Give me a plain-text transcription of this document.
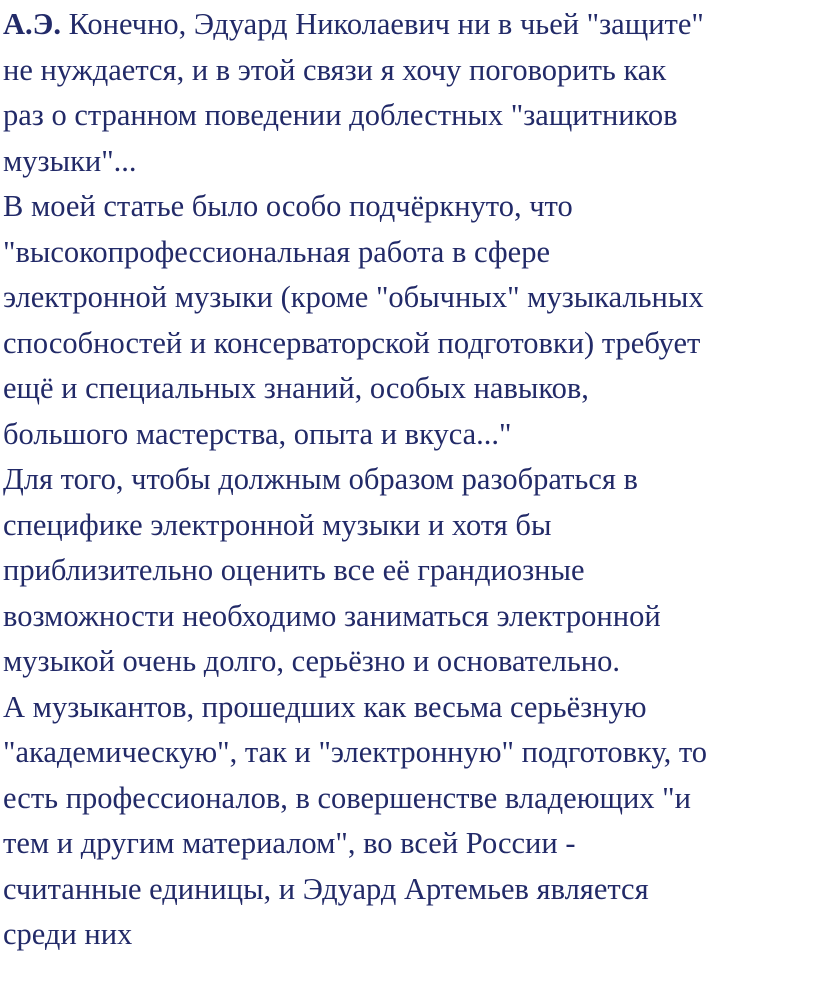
А.Э. Конечно, Эдуард Николаевич ни в чьей "защите"
не нуждается, и в этой связи я хочу поговорить как
раз о странном поведении доблестных "защитников
музыки"...
В моей статье было особо подчёркнуто, что
"высокопрофессиональная работа в сфере
электронной музыки (кроме "обычных" музыкальных
способностей и консерваторской подготовки) требует
ещё и специальных знаний, особых навыков,
большого мастерства, опыта и вкуса..."
Для того, чтобы должным образом разобраться в
специфике электронной музыки и хотя бы
приблизительно оценить все её грандиозные
возможности необходимо заниматься электронной
музыкой очень долго, серьёзно и основательно.
А музыкантов, прошедших как весьма серьёзную
"академическую", так и "электронную" подготовку, то
есть профессионалов, в совершенстве владеющих "и
тем и другим материалом", во всей России -
считанные единицы, и Эдуард Артемьев является
среди них
